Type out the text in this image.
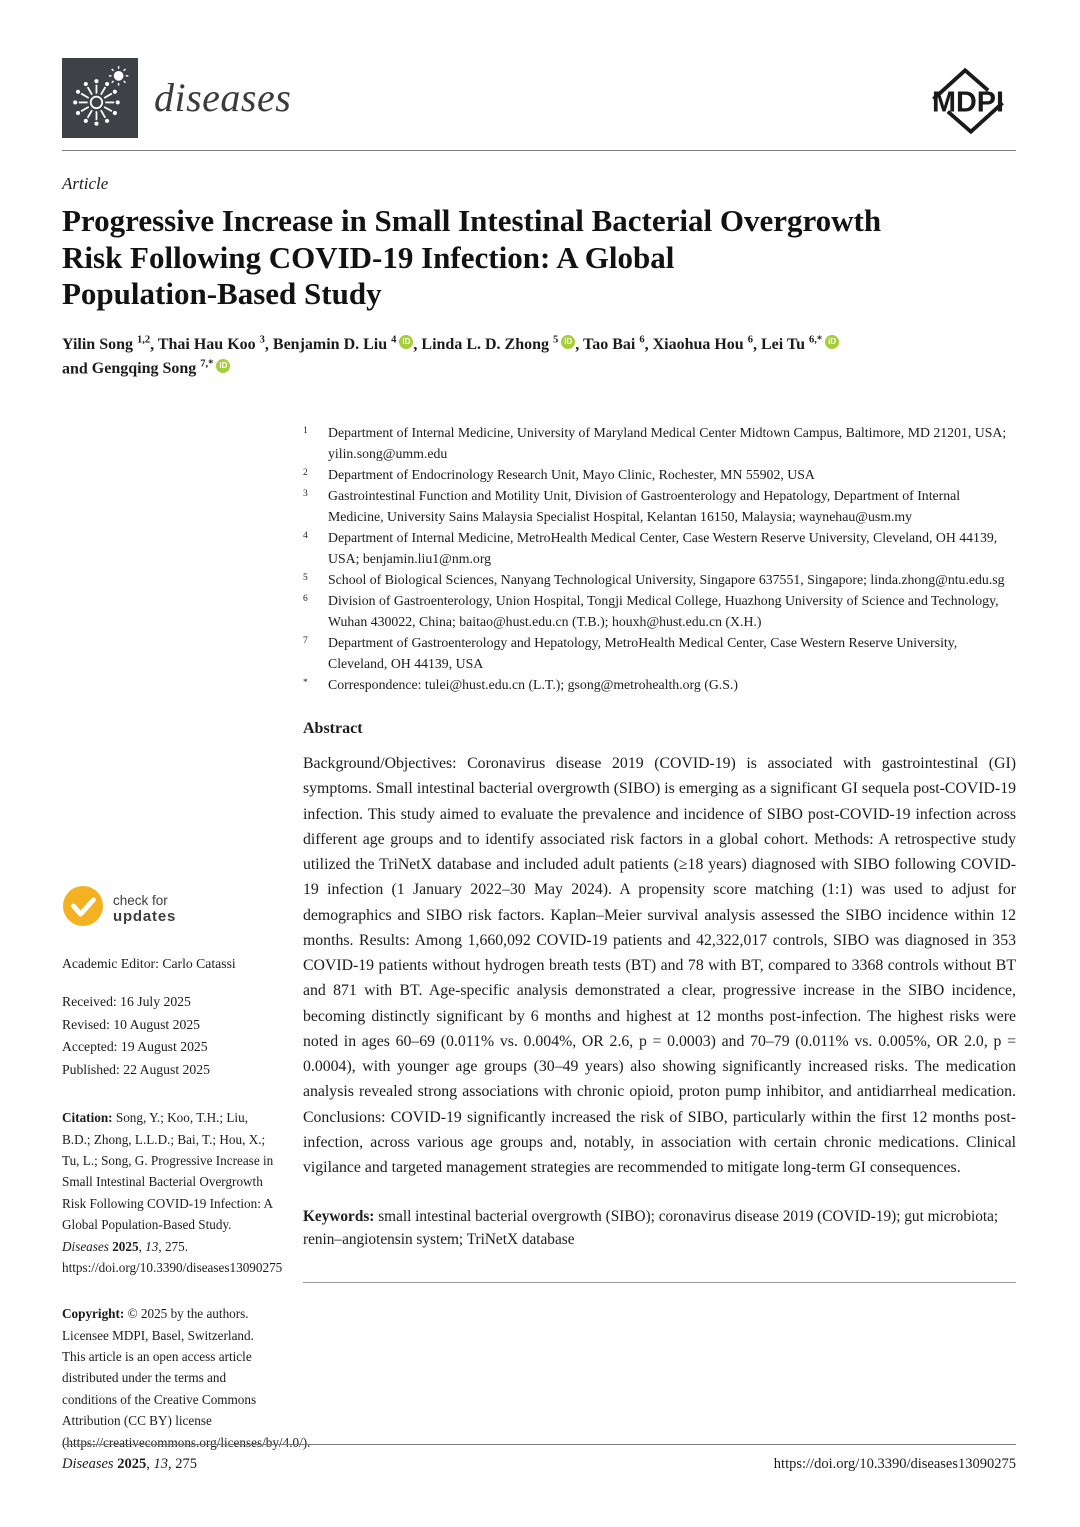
diseases	MDPI
Article
Progressive Increase in Small Intestinal Bacterial Overgrowth
Risk Following COVID-19 Infection: A Global
Population-Based Study
Yilin Song $^{1,2}$, Thai Hau Koo $^3$, Benjamin D. Liu $^4$ iD , Linda L. D. Zhong $^5$ iD , Tao Bai $^6$, Xiaohua Hou $^6$, Lei Tu $^{6,*}$ iD
and Gengqing Song $^{7,*}$ iD
check for
updates
Academic Editor: Carlo Catassi
Received: 16 July 2025
Revised: 10 August 2025
Accepted: 19 August 2025
Published: 22 August 2025
Citation: Song, Y.; Koo, T.H.; Liu, B.D.; Zhong, L.L.D.; Bai, T.; Hou, X.; Tu, L.; Song, G. Progressive Increase in Small Intestinal Bacterial Overgrowth Risk Following COVID-19 Infection: A Global Population-Based Study. Diseases 2025, 13, 275. https://doi.org/10.3390/diseases13090275
Copyright: © 2025 by the authors. Licensee MDPI, Basel, Switzerland. This article is an open access article distributed under the terms and conditions of the Creative Commons Attribution (CC BY) license (https://creativecommons.org/licenses/by/4.0/).
1	Department of Internal Medicine, University of Maryland Medical Center Midtown Campus, Baltimore, MD 21201, USA; yilin.song@umm.edu
2	Department of Endocrinology Research Unit, Mayo Clinic, Rochester, MN 55902, USA
3	Gastrointestinal Function and Motility Unit, Division of Gastroenterology and Hepatology, Department of Internal Medicine, University Sains Malaysia Specialist Hospital, Kelantan 16150, Malaysia; waynehau@usm.my
4	Department of Internal Medicine, MetroHealth Medical Center, Case Western Reserve University, Cleveland, OH 44139, USA; benjamin.liu1@nm.org
5	School of Biological Sciences, Nanyang Technological University, Singapore 637551, Singapore; linda.zhong@ntu.edu.sg
6	Division of Gastroenterology, Union Hospital, Tongji Medical College, Huazhong University of Science and Technology, Wuhan 430022, China; baitao@hust.edu.cn (T.B.); houxh@hust.edu.cn (X.H.)
7	Department of Gastroenterology and Hepatology, MetroHealth Medical Center, Case Western Reserve University, Cleveland, OH 44139, USA
*	Correspondence: tulei@hust.edu.cn (L.T.); gsong@metrohealth.org (G.S.)
Abstract
Background/Objectives: Coronavirus disease 2019 (COVID-19) is associated with gastrointestinal (GI) symptoms. Small intestinal bacterial overgrowth (SIBO) is emerging as a significant GI sequela post-COVID-19 infection. This study aimed to evaluate the prevalence and incidence of SIBO post-COVID-19 infection across different age groups and to identify associated risk factors in a global cohort. Methods: A retrospective study utilized the TriNetX database and included adult patients (≥18 years) diagnosed with SIBO following COVID-19 infection (1 January 2022–30 May 2024). A propensity score matching (1:1) was used to adjust for demographics and SIBO risk factors. Kaplan–Meier survival analysis assessed the SIBO incidence within 12 months. Results: Among 1,660,092 COVID-19 patients and 42,322,017 controls, SIBO was diagnosed in 353 COVID-19 patients without hydrogen breath tests (BT) and 78 with BT, compared to 3368 controls without BT and 871 with BT. Age-specific analysis demonstrated a clear, progressive increase in the SIBO incidence, becoming distinctly significant by 6 months and highest at 12 months post-infection. The highest risks were noted in ages 60–69 (0.011% vs. 0.004%, OR 2.6, p = 0.0003) and 70–79 (0.011% vs. 0.005%, OR 2.0, p = 0.0004), with younger age groups (30–49 years) also showing significantly increased risks. The medication analysis revealed strong associations with chronic opioid, proton pump inhibitor, and antidiarrheal medication. Conclusions: COVID-19 significantly increased the risk of SIBO, particularly within the first 12 months post-infection, across various age groups and, notably, in association with certain chronic medications. Clinical vigilance and targeted management strategies are recommended to mitigate long-term GI consequences.
Keywords: small intestinal bacterial overgrowth (SIBO); coronavirus disease 2019 (COVID-19); gut microbiota; renin–angiotensin system; TriNetX database
Diseases 2025, 13, 275	https://doi.org/10.3390/diseases13090275
